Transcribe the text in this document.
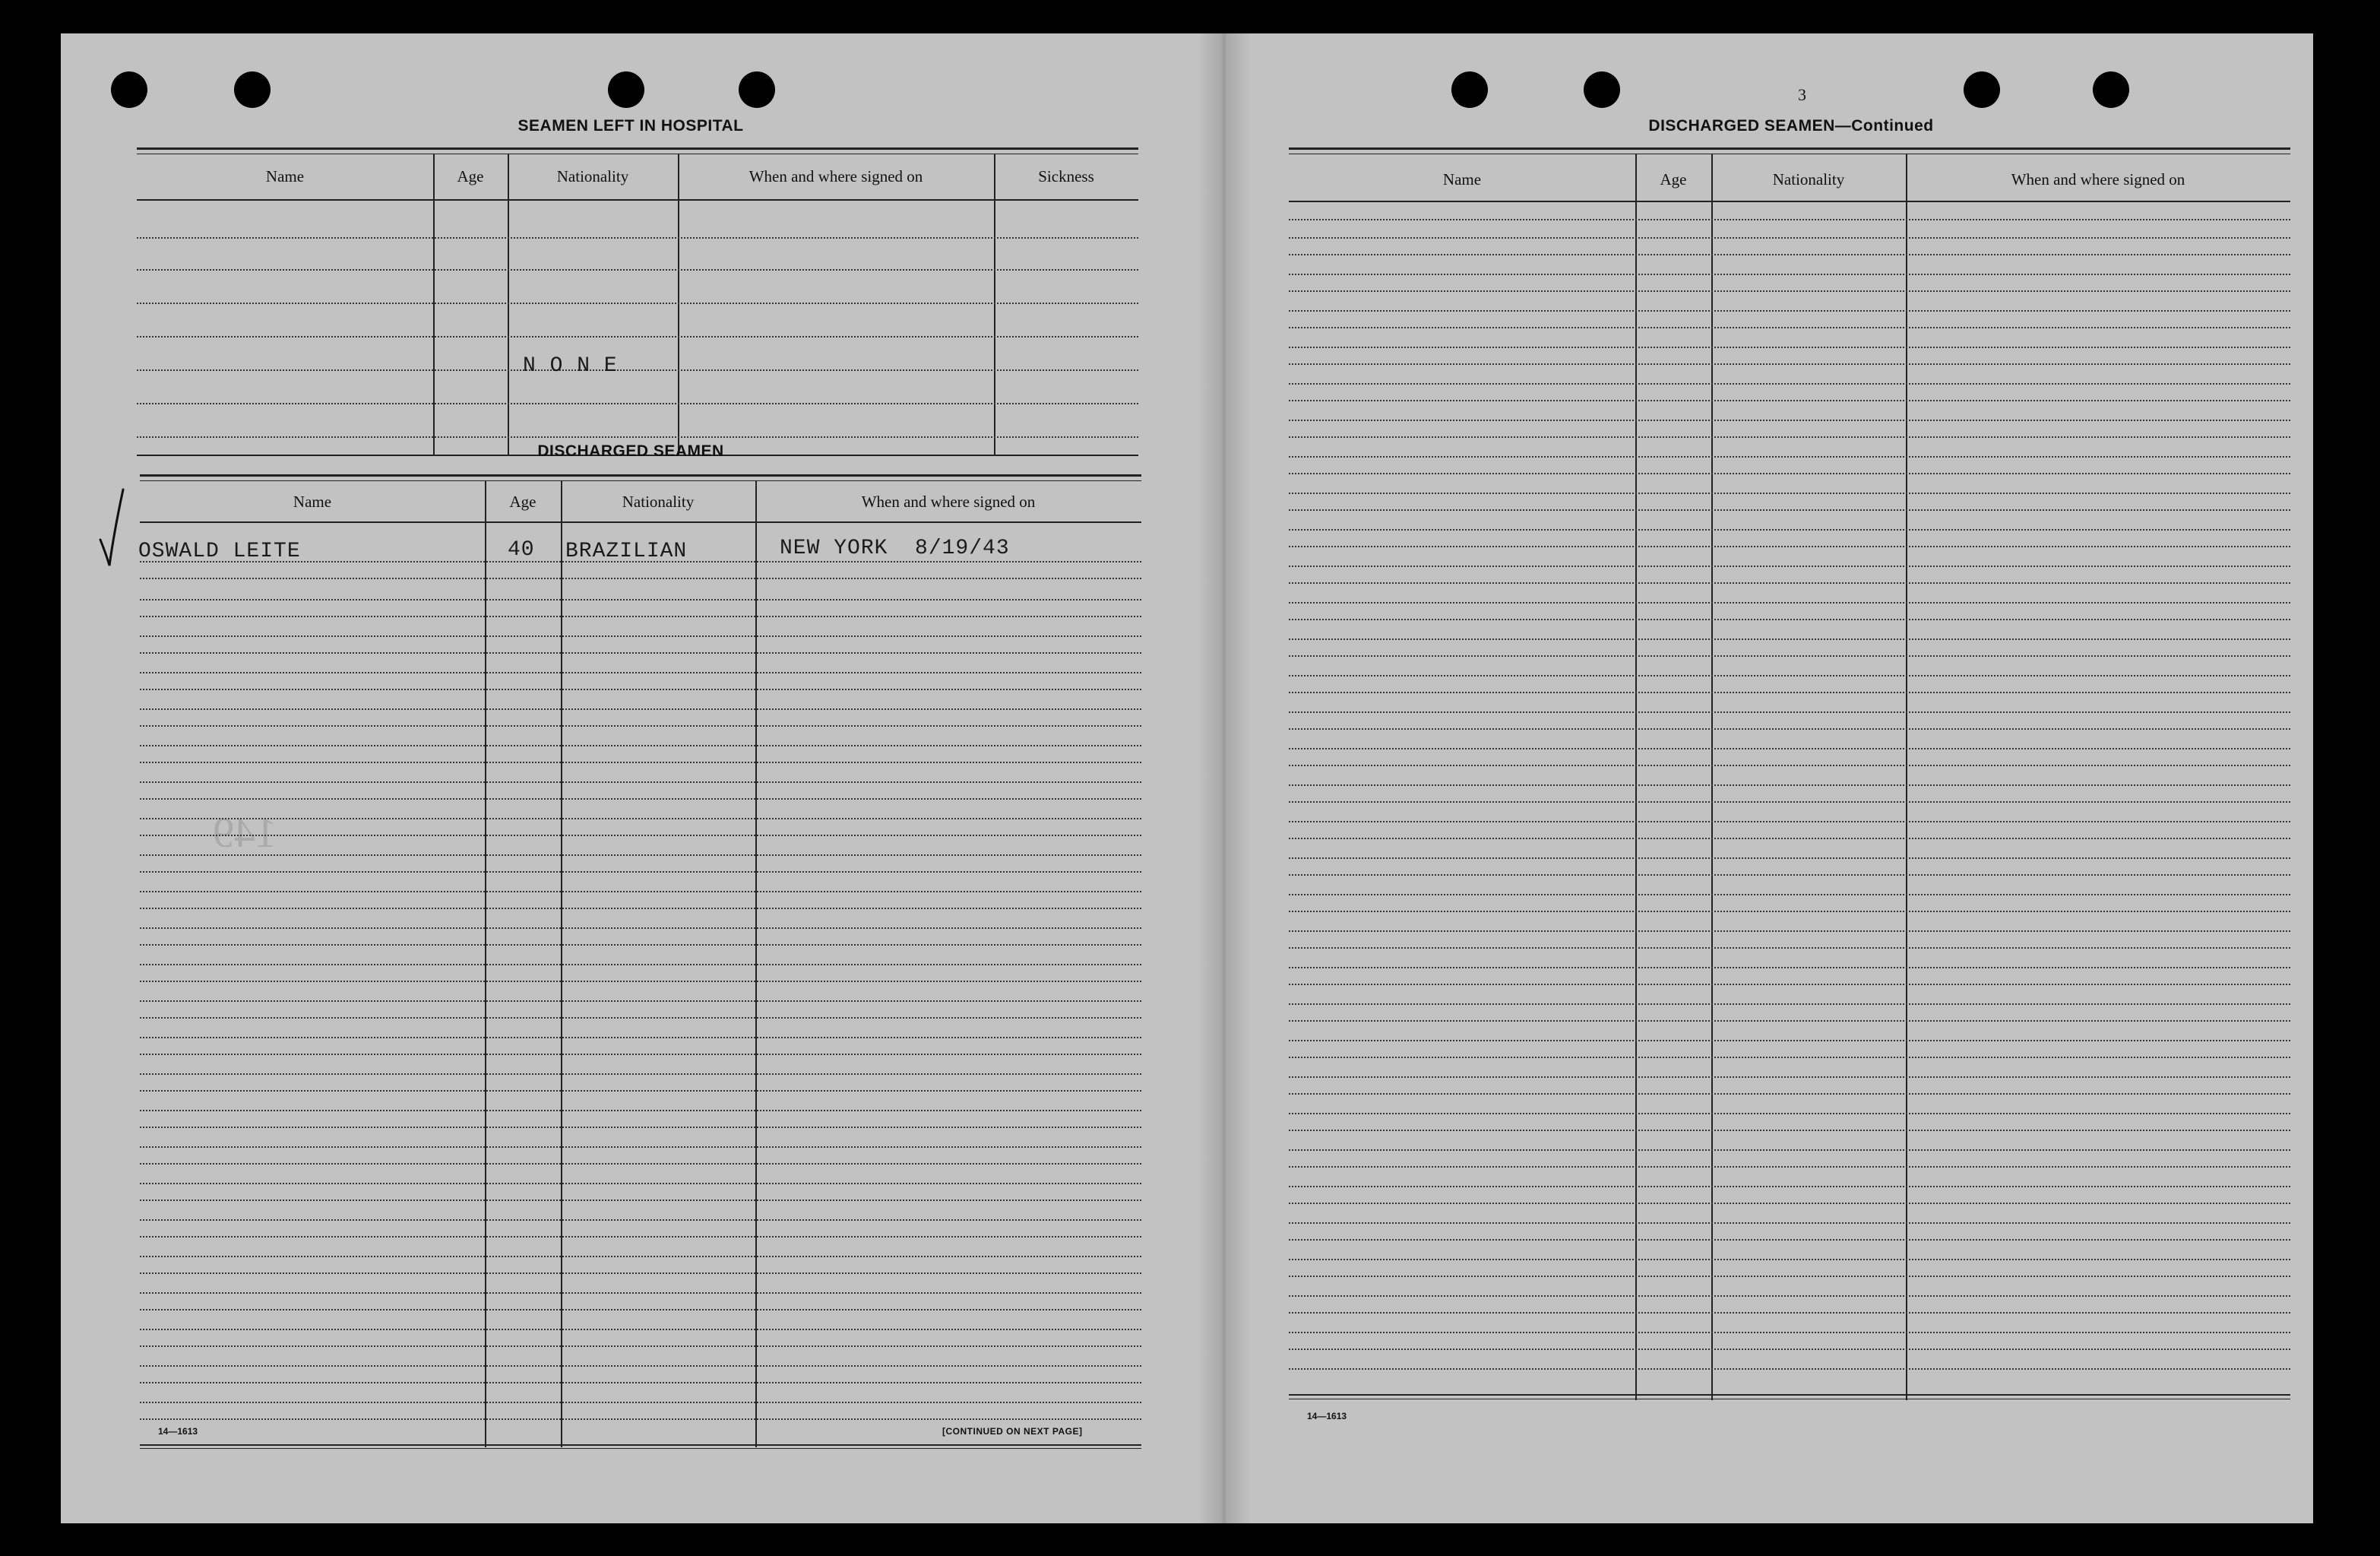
149
SEAMEN LEFT IN HOSPITAL
Name	Age	Nationality	When and where signed on	Sickness
N O N E
DISCHARGED SEAMEN
Name	Age	Nationality	When and where signed on
OSWALD LEITE	40 BRAZILIAN	NEW YORK  8/19/43
14—1613	[CONTINUED ON NEXT PAGE]
3
DISCHARGED SEAMEN—Continued
Name	Age	Nationality	When and where signed on
14—1613
